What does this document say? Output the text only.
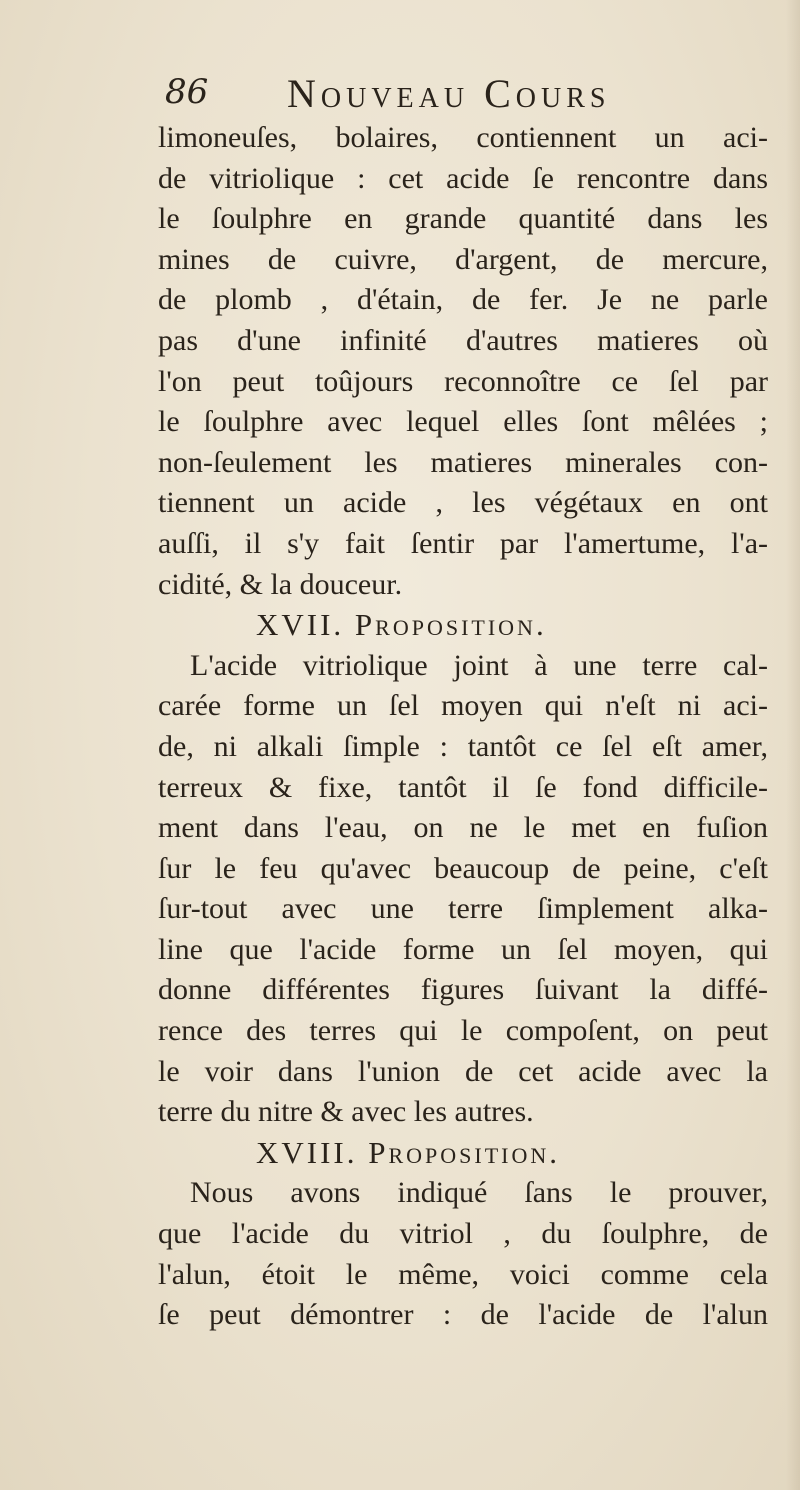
86 Nouveau Cours
limoneuſes, bolaires, contiennent un aci-
de vitriolique : cet acide ſe rencontre dans
le ſoulphre en grande quantité dans les
mines de cuivre, d'argent, de mercure,
de plomb , d'étain, de fer. Je ne parle
pas d'une infinité d'autres matieres où
l'on peut toûjours reconnoître ce ſel par
le ſoulphre avec lequel elles ſont mêlées ;
non-ſeulement les matieres minerales con-
tiennent un acide , les végétaux en ont
auſſi, il s'y fait ſentir par l'amertume, l'a-
cidité, & la douceur.
XVII. Proposition.
L'acide vitriolique joint à une terre cal-
carée forme un ſel moyen qui n'eſt ni aci-
de, ni alkali ſimple : tantôt ce ſel eſt amer,
terreux & fixe, tantôt il ſe fond difficile-
ment dans l'eau, on ne le met en fuſion
ſur le feu qu'avec beaucoup de peine, c'eſt
ſur-tout avec une terre ſimplement alka-
line que l'acide forme un ſel moyen, qui
donne différentes figures ſuivant la diffé-
rence des terres qui le compoſent, on peut
le voir dans l'union de cet acide avec la
terre du nitre & avec les autres.
XVIII. Proposition.
Nous avons indiqué ſans le prouver,
que l'acide du vitriol , du ſoulphre, de
l'alun, étoit le même, voici comme cela
ſe peut démontrer : de l'acide de l'alun
